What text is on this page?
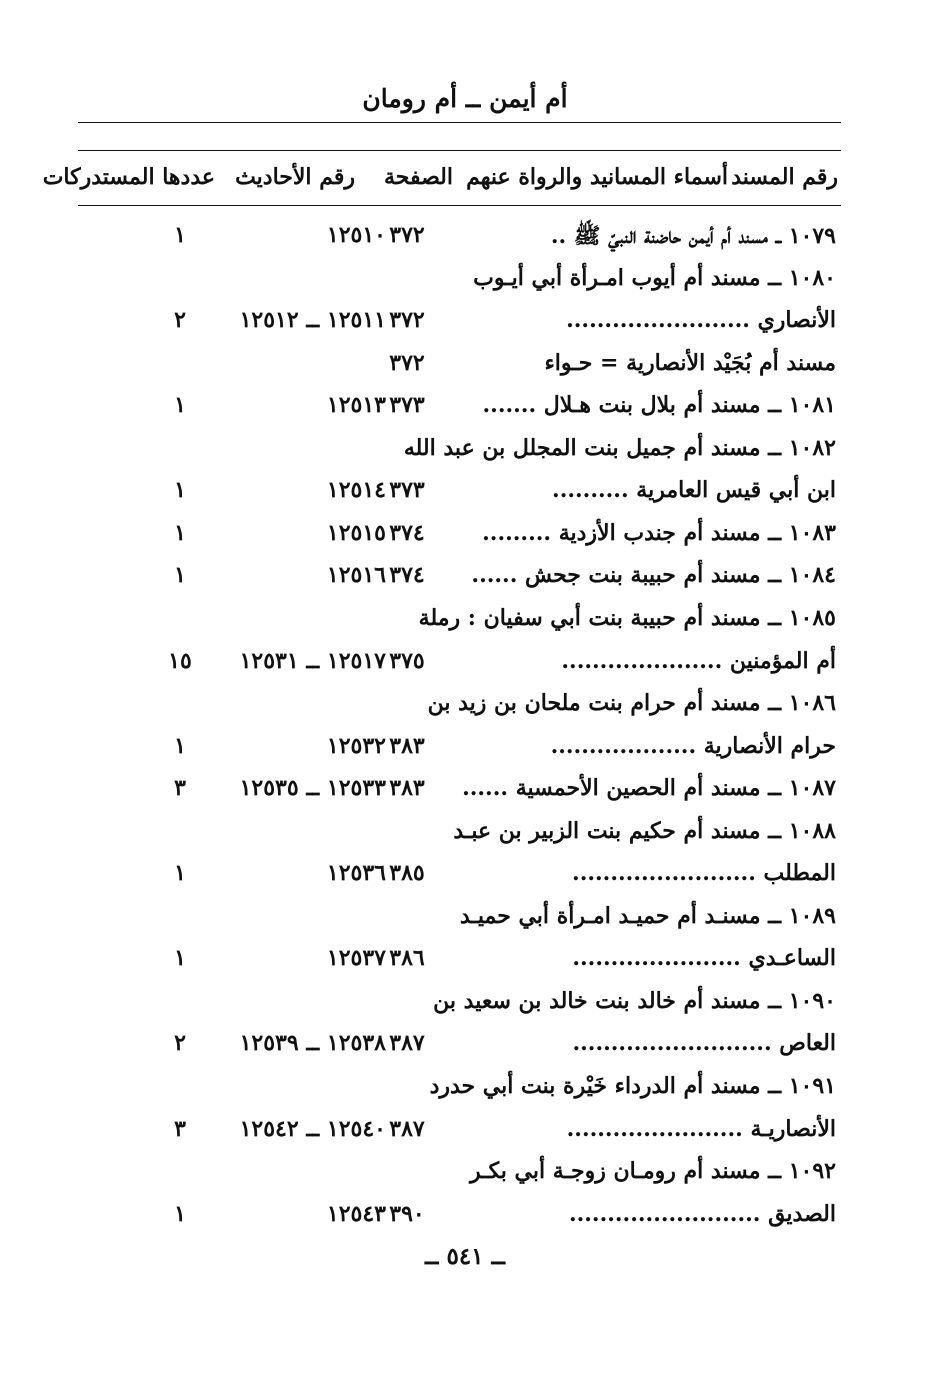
أم أيمن ــ أم رومان
رقم المسند
أسماء المسانيد والرواة عنهم
الصفحة
رقم الأحاديث
عددها المستدركات
١٠٧٩ ــ مسند أم أيمن حاضنة النبيّ ﷺ ..
٣٧٢
١٢٥١٠
١
١٠٨٠ ــ مسند أم أيوب امـرأة أبي أيـوب
الأنصاري ........................
٣٧٢
١٢٥١١ ــ ١٢٥١٢
٢
مسند أم بُجَيْد الأنصارية = حـواء
٣٧٢
١٠٨١ ــ مسند أم بلال بنت هـلال .......
٣٧٣
١٢٥١٣
١
١٠٨٢ ــ مسند أم جميل بنت المجلل بن عبد الله
ابن أبي قيس العامرية ..........
٣٧٣
١٢٥١٤
١
١٠٨٣ ــ مسند أم جندب الأزدية .........
٣٧٤
١٢٥١٥
١
١٠٨٤ ــ مسند أم حبيبة بنت جحش ......
٣٧٤
١٢٥١٦
١
١٠٨٥ ــ مسند أم حبيبة بنت أبي سفيان : رملة
أم المؤمنين .....................
٣٧٥
١٢٥١٧ ــ ١٢٥٣١
١٥
١٠٨٦ ــ مسند أم حرام بنت ملحان بن زيد بن
حرام الأنصارية ...................
٣٨٣
١٢٥٣٢
١
١٠٨٧ ــ مسند أم الحصين الأحمسية ......
٣٨٣
١٢٥٣٣ ــ ١٢٥٣٥
٣
١٠٨٨ ــ مسند أم حكيم بنت الزبير بن عبـد
المطلب ........................
٣٨٥
١٢٥٣٦
١
١٠٨٩ ــ مسنـد أم حميـد امـرأة أبي حميـد
الساعـدي ......................
٣٨٦
١٢٥٣٧
١
١٠٩٠ ــ مسند أم خالد بنت خالد بن سعيد بن
العاص ..........................
٣٨٧
١٢٥٣٨ ــ ١٢٥٣٩
٢
١٠٩١ ــ مسند أم الدرداء خَيْرة بنت أبي حدرد
الأنصاريـة .......................
٣٨٧
١٢٥٤٠ ــ ١٢٥٤٢
٣
١٠٩٢ ــ مسند أم رومـان زوجـة أبي بكـر
الصديق .........................
٣٩٠
١٢٥٤٣
١
ــ ٥٤١ ــ
